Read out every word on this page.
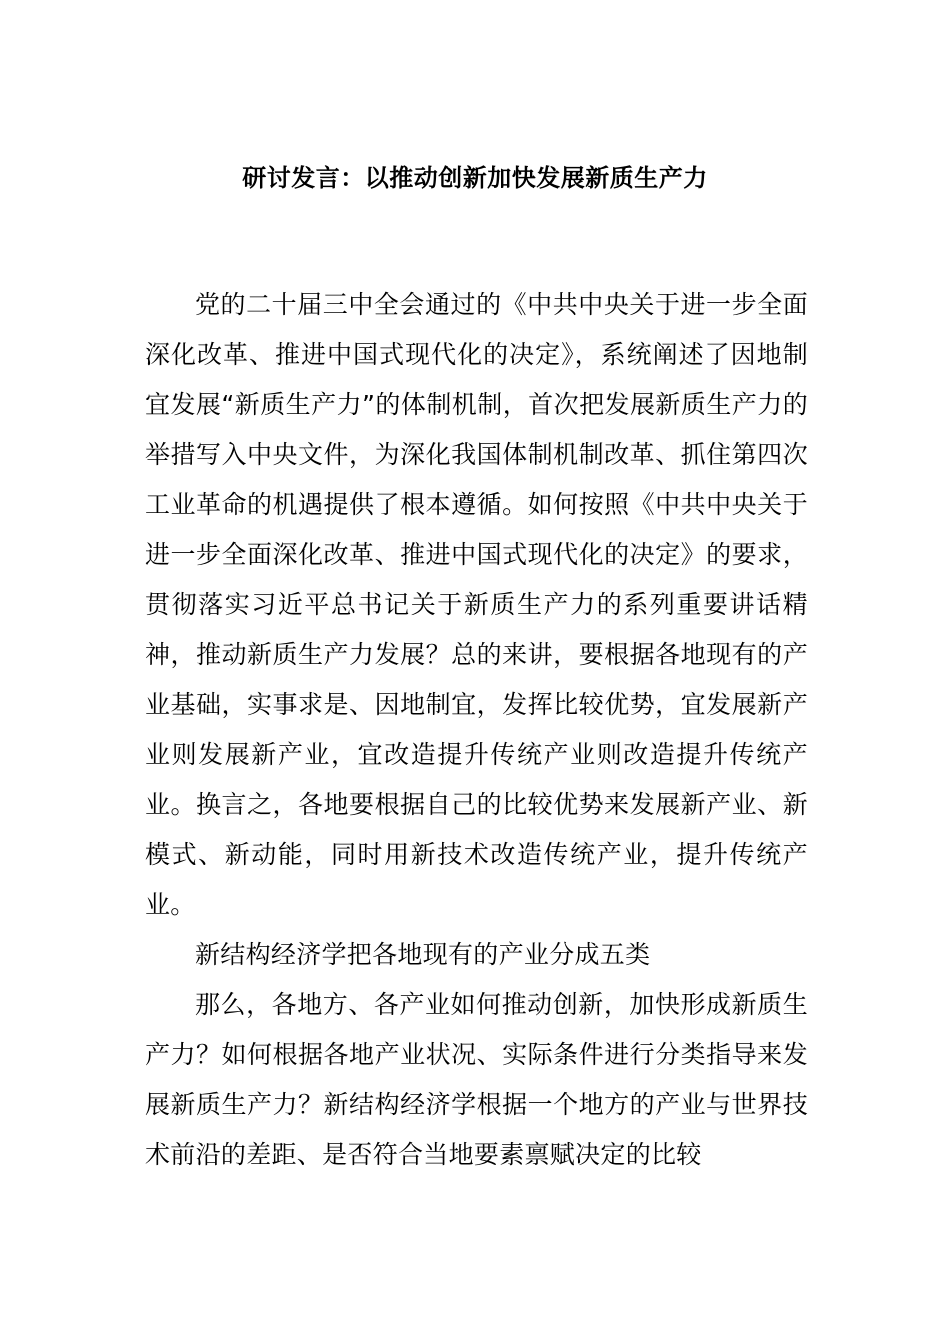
研讨发言：以推动创新加快发展新质生产力

党的二十届三中全会通过的《中共中央关于进一步全面深化改革、推进中国式现代化的决定》，系统阐述了因地制宜发展“新质生产力”的体制机制，首次把发展新质生产力的举措写入中央文件，为深化我国体制机制改革、抓住第四次工业革命的机遇提供了根本遵循。如何按照《中共中央关于进一步全面深化改革、推进中国式现代化的决定》的要求，贯彻落实习近平总书记关于新质生产力的系列重要讲话精神，推动新质生产力发展？总的来讲，要根据各地现有的产业基础，实事求是、因地制宜，发挥比较优势，宜发展新产业则发展新产业，宜改造提升传统产业则改造提升传统产业。换言之，各地要根据自己的比较优势来发展新产业、新模式、新动能，同时用新技术改造传统产业，提升传统产业。

新结构经济学把各地现有的产业分成五类

那么，各地方、各产业如何推动创新，加快形成新质生产力？如何根据各地产业状况、实际条件进行分类指导来发展新质生产力？新结构经济学根据一个地方的产业与世界技术前沿的差距、是否符合当地要素禀赋决定的比较
